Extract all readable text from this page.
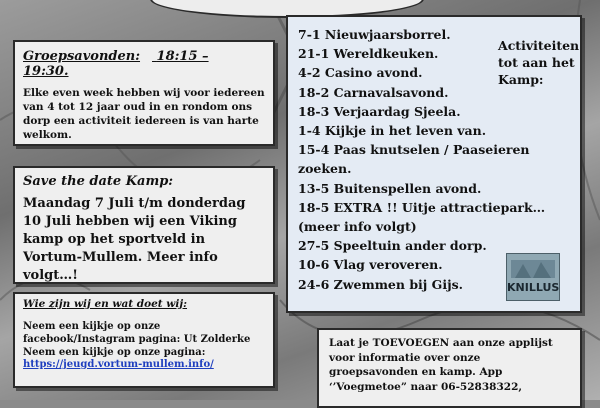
Groepsavonden: 18:15 – 19:30.
Elke even week hebben wij voor iedereen van 4 tot 12 jaar oud in en rondom ons dorp een activiteit iedereen is van harte welkom.
Save the date Kamp:
Maandag 7 Juli t/m donderdag 10 Juli hebben wij een Viking kamp op het sportveld in Vortum-Mullem. Meer info volgt…!
Wie zijn wij en wat doet wij:
Neem een kijkje op onze facebook/Instagram pagina: Ut Zolderke
Neem een kijkje op onze pagina:
https://jeugd.vortum-mullem.info/
7-1 Nieuwjaarsborrel.
21-1 Wereldkeuken.
4-2 Casino avond.
18-2 Carnavalsavond.
18-3 Verjaardag Sjeela.
1-4 Kijkje in het leven van.
15-4 Paas knutselen / Paaseieren zoeken.
13-5 Buitenspellen avond.
18-5 EXTRA !! Uitje attractiepark… (meer info volgt)
27-5 Speeltuin ander dorp.
10-6 Vlag veroveren.
24-6 Zwemmen bij Gijs.
Activiteiten tot aan het Kamp:
KNILLUS
Laat je TOEVOEGEN aan onze applijst voor informatie over onze groepsavonden en kamp. App ‘’Voegmetoe” naar 06-52838322,
